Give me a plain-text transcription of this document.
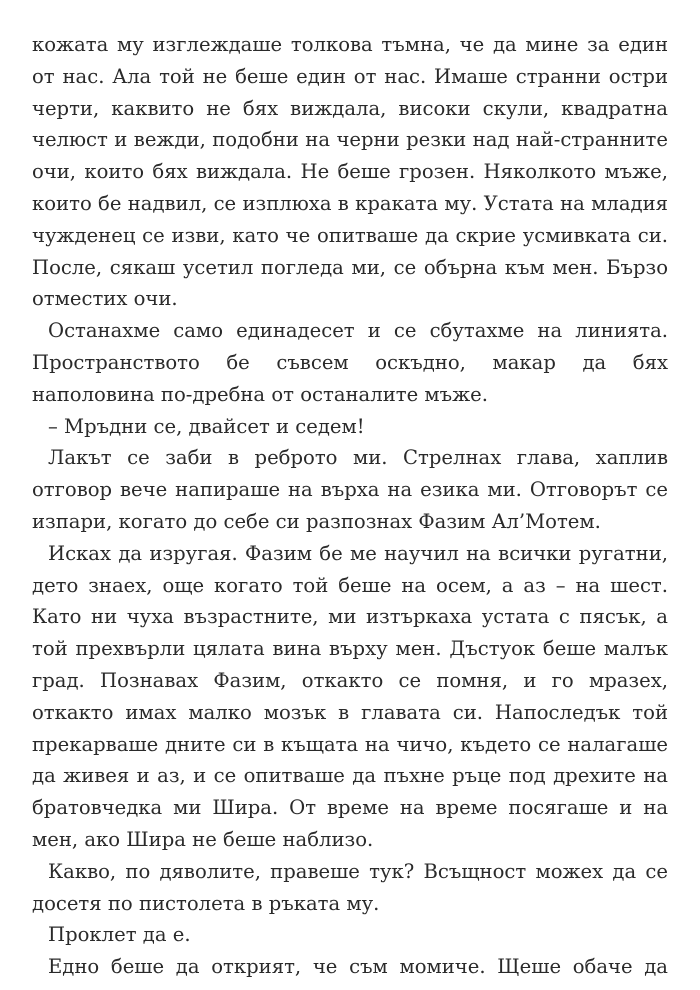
кожата му изглеждаше толкова тъмна, че да мине за един от нас. Ала той не беше един от нас. Имаше странни остри черти, каквито не бях виждала, високи скули, квадратна челюст и вежди, подобни на черни резки над най-странните очи, които бях виждала. Не беше грозен. Няколкото мъже, които бе надвил, се изплюха в краката му. Устата на младия чужденец се изви, като че опитваше да скрие усмивката си. После, сякаш усетил погледа ми, се обърна към мен. Бързо отместих очи.

Останахме само единадесет и се сбутахме на линията. Пространството бе съвсем оскъдно, макар да бях наполовина по-дребна от останалите мъже.

– Мръдни се, двайсет и седем!

Лакът се заби в реброто ми. Стрелнах глава, хаплив отговор вече напираше на върха на езика ми. Отговорът се изпари, когато до себе си разпознах Фазим Ал’Мотем.

Исках да изругая. Фазим бе ме научил на всички ругатни, дето знаех, още когато той беше на осем, а аз – на шест. Като ни чуха възрастните, ми изтъркаха устата с пясък, а той прехвърли цялата вина върху мен. Дъстуок беше малък град. Познавах Фазим, откакто се помня, и го мразех, откакто имах малко мозък в главата си. Напоследък той прекарваше дните си в къщата на чичо, където се налагаше да живея и аз, и се опитваше да пъхне ръце под дрехите на братовчедка ми Шира. От време на време посягаше и на мен, ако Шира не беше наблизо.

Какво, по дяволите, правеше тук? Всъщност можех да се досетя по пистолета в ръката му.

Проклет да е.

Едно беше да открият, че съм момиче. Щеше обаче да
